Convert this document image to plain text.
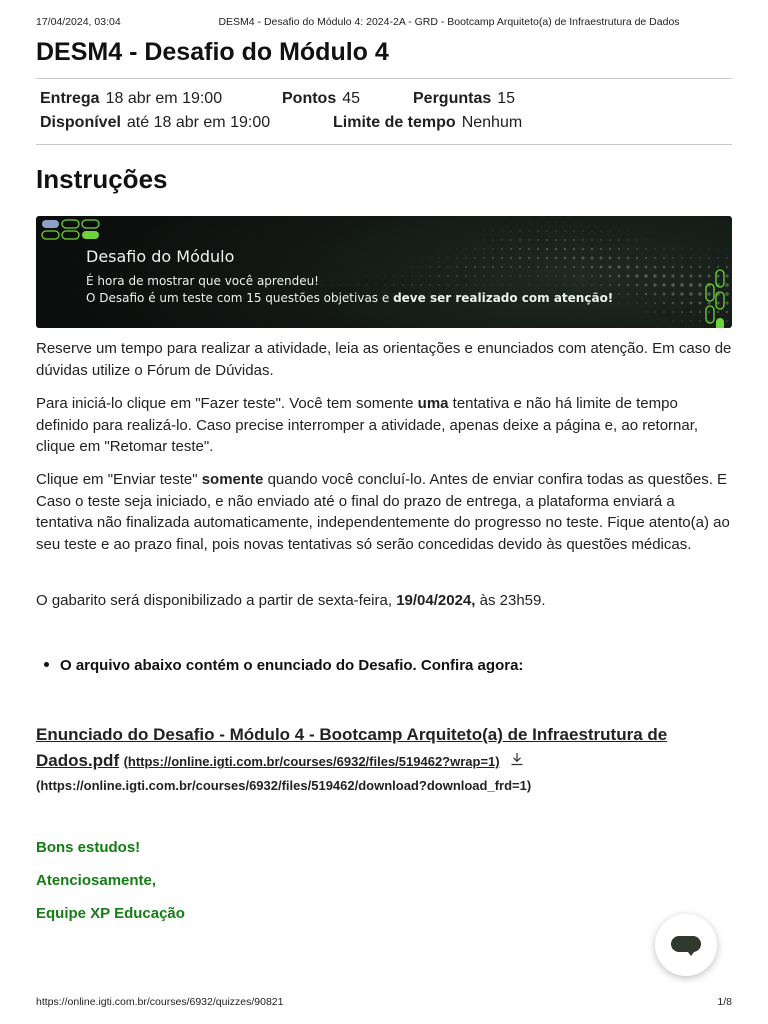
17/04/2024, 03:04	DESM4 - Desafio do Módulo 4: 2024-2A - GRD - Bootcamp Arquiteto(a) de Infraestrutura de Dados
DESM4 - Desafio do Módulo 4
Entrega 18 abr em 19:00	Pontos 45	Perguntas 15
Disponível até 18 abr em 19:00	Limite de tempo Nenhum
Instruções
Desafio do Módulo
É hora de mostrar que você aprendeu!
O Desafio é um teste com 15 questões objetivas e deve ser realizado com atenção!

Reserve um tempo para realizar a atividade, leia as orientações e enunciados com atenção. Em caso de dúvidas utilize o Fórum de Dúvidas.

Para iniciá-lo clique em "Fazer teste". Você tem somente uma tentativa e não há limite de tempo definido para realizá-lo. Caso precise interromper a atividade, apenas deixe a página e, ao retornar, clique em "Retomar teste".

Clique em "Enviar teste" somente quando você concluí-lo. Antes de enviar confira todas as questões. E Caso o teste seja iniciado, e não enviado até o final do prazo de entrega, a plataforma enviará a tentativa não finalizada automaticamente, independentemente do progresso no teste. Fique atento(a) ao seu teste e ao prazo final, pois novas tentativas só serão concedidas devido às questões médicas.

O gabarito será disponibilizado a partir de sexta-feira, 19/04/2024, às 23h59.

O arquivo abaixo contém o enunciado do Desafio. Confira agora:
Enunciado do Desafio - Módulo 4 - Bootcamp Arquiteto(a) de Infraestrutura de Dados.pdf (https://online.igti.com.br/courses/6932/files/519462?wrap=1)
(https://online.igti.com.br/courses/6932/files/519462/download?download_frd=1)
Bons estudos!
Atenciosamente,
Equipe XP Educação
https://online.igti.com.br/courses/6932/quizzes/90821	1/8
